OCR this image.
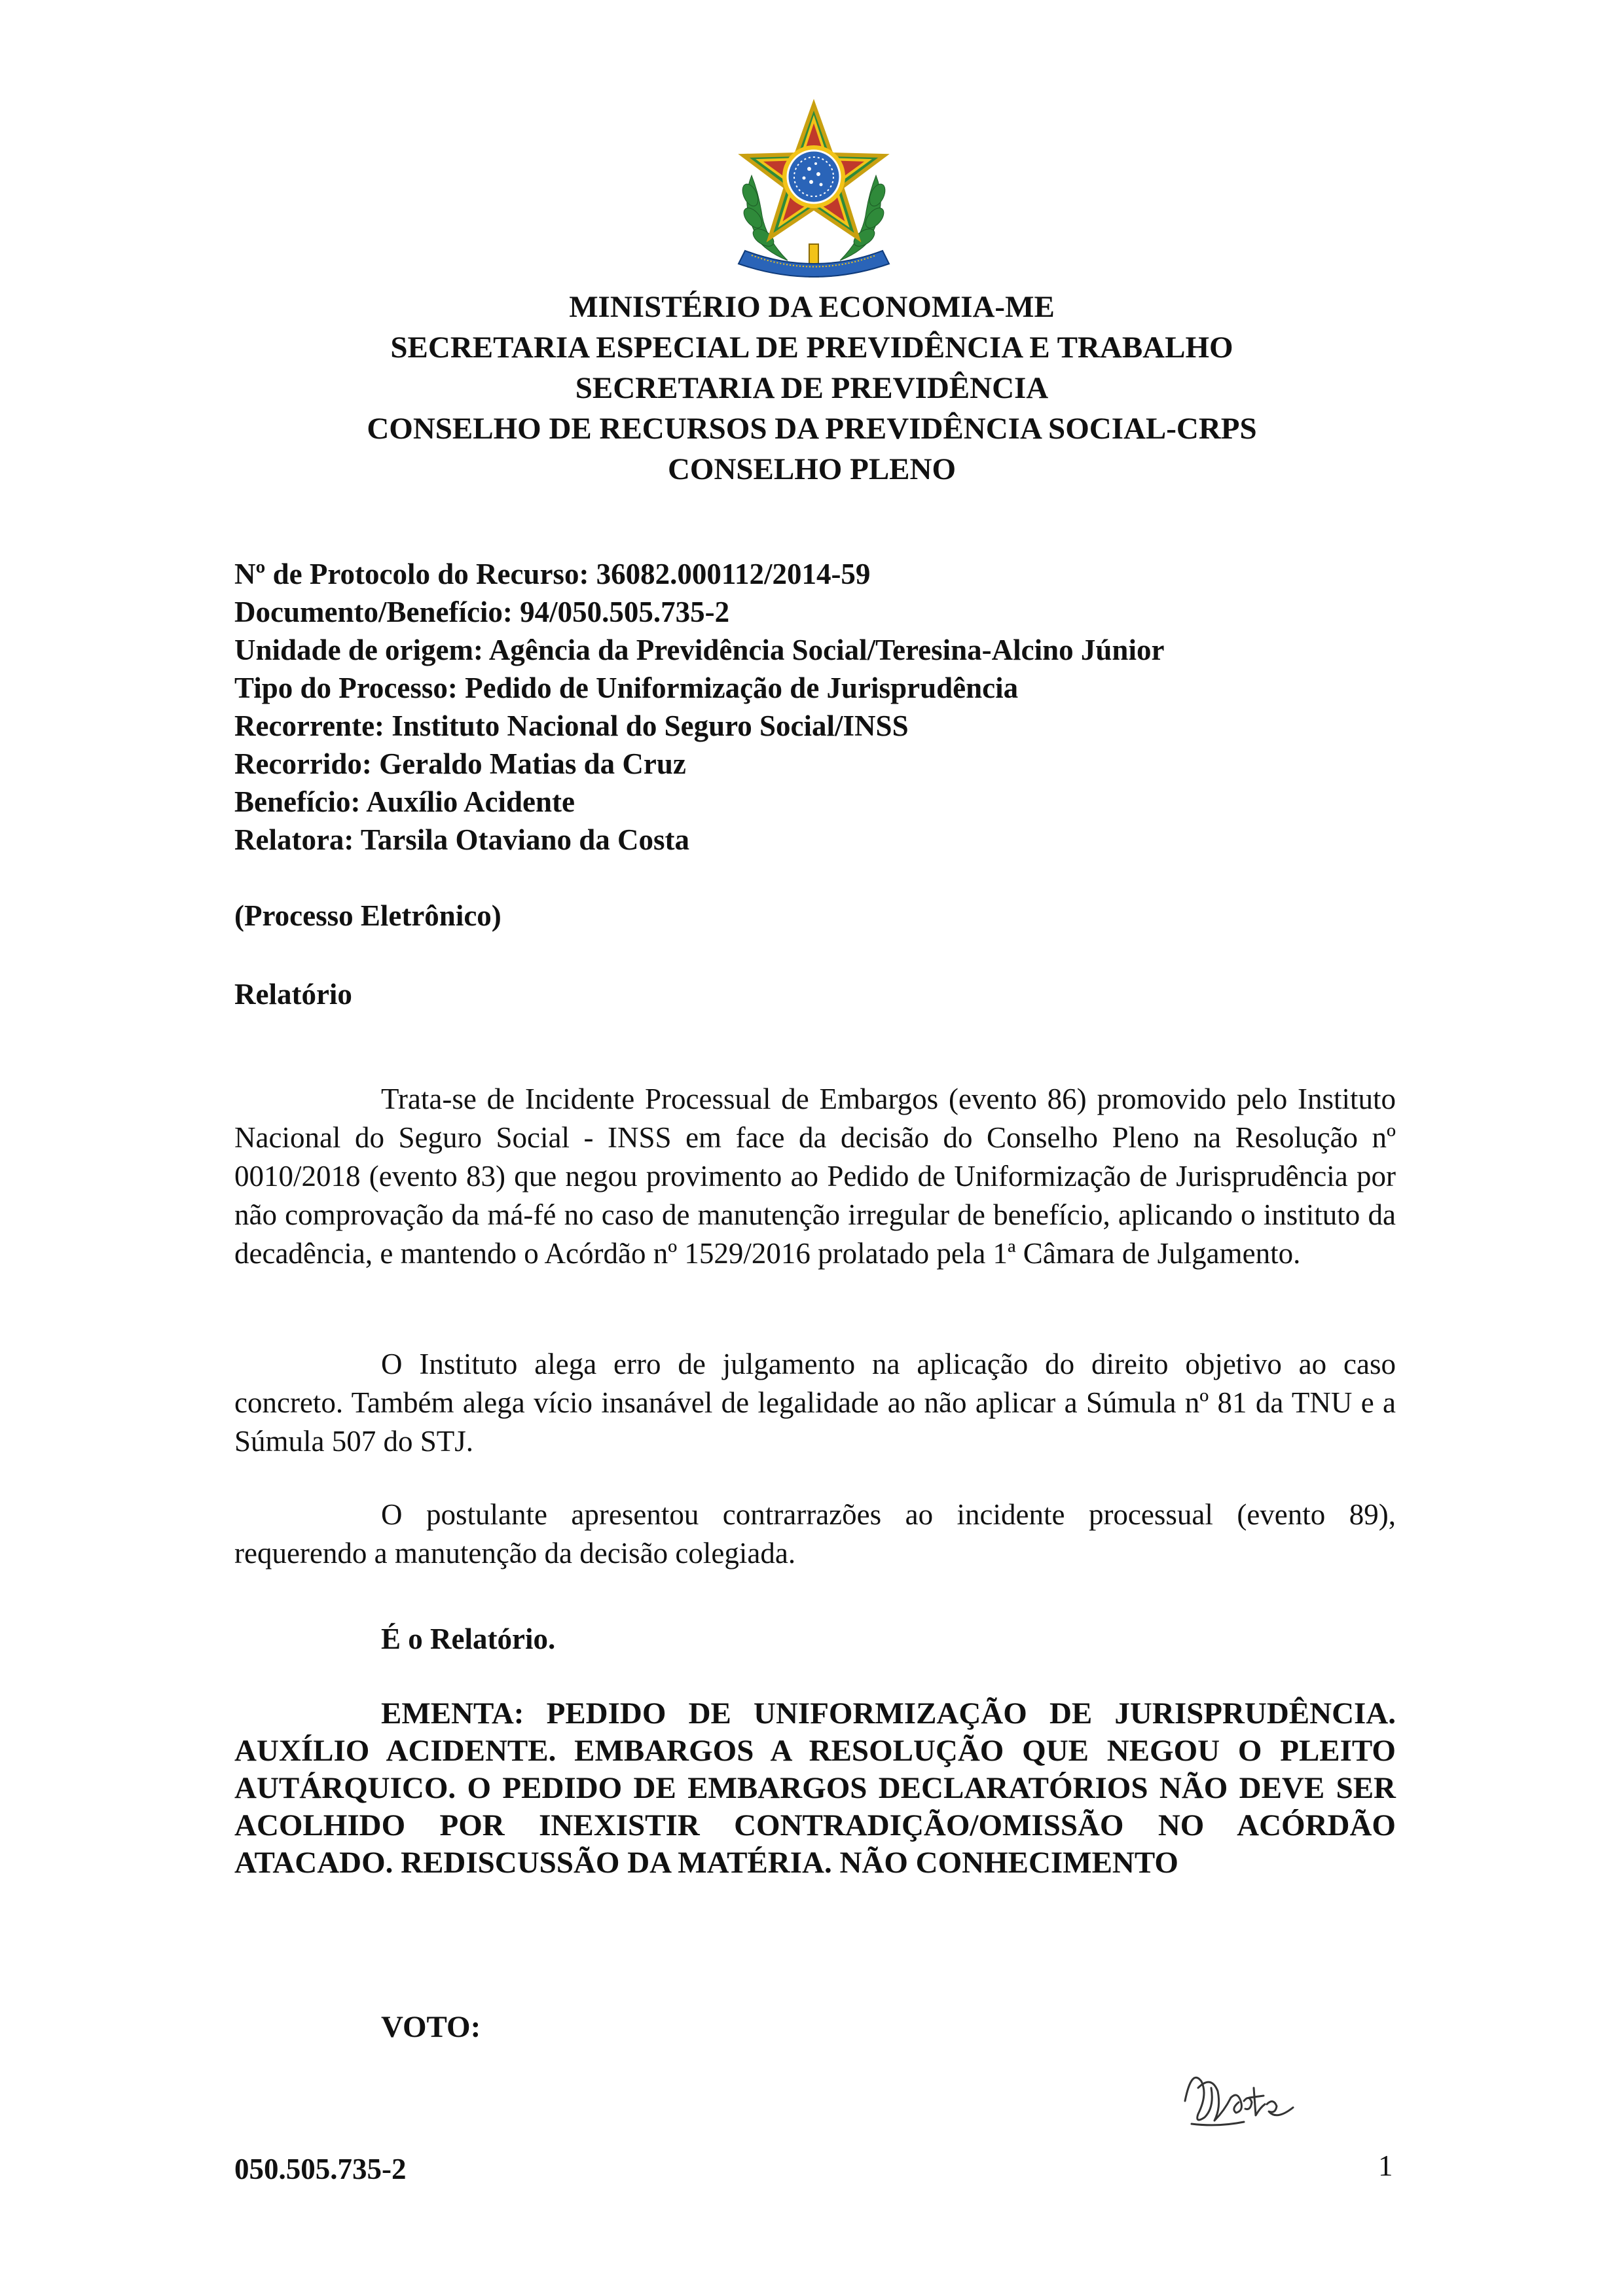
MINISTÉRIO DA ECONOMIA-ME
SECRETARIA ESPECIAL DE PREVIDÊNCIA E TRABALHO
SECRETARIA DE PREVIDÊNCIA
CONSELHO DE RECURSOS DA PREVIDÊNCIA SOCIAL-CRPS
CONSELHO PLENO
Nº de Protocolo do Recurso: 36082.000112/2014-59
Documento/Benefício: 94/050.505.735-2
Unidade de origem: Agência da Previdência Social/Teresina-Alcino Júnior
Tipo do Processo: Pedido de Uniformização de Jurisprudência
Recorrente: Instituto Nacional do Seguro Social/INSS
Recorrido: Geraldo Matias da Cruz
Benefício: Auxílio Acidente
Relatora: Tarsila Otaviano da Costa
(Processo Eletrônico)
Relatório

Trata-se de Incidente Processual de Embargos (evento 86) promovido pelo Instituto Nacional do Seguro Social - INSS em face da decisão do Conselho Pleno na Resolução nº 0010/2018 (evento 83) que negou provimento ao Pedido de Uniformização de Jurisprudência por não comprovação da má-fé no caso de manutenção irregular de benefício, aplicando o instituto da decadência, e mantendo o Acórdão nº 1529/2016 prolatado pela 1ª Câmara de Julgamento.

O Instituto alega erro de julgamento na aplicação do direito objetivo ao caso concreto. Também alega vício insanável de legalidade ao não aplicar a Súmula nº 81 da TNU e a Súmula 507 do STJ.

O postulante apresentou contrarrazões ao incidente processual (evento 89), requerendo a manutenção da decisão colegiada.

É o Relatório.
EMENTA: PEDIDO DE UNIFORMIZAÇÃO DE JURISPRUDÊNCIA. AUXÍLIO ACIDENTE. EMBARGOS A RESOLUÇÃO QUE NEGOU O PLEITO AUTÁRQUICO. O PEDIDO DE EMBARGOS DECLARATÓRIOS NÃO DEVE SER ACOLHIDO POR INEXISTIR CONTRADIÇÃO/OMISSÃO NO ACÓRDÃO ATACADO. REDISCUSSÃO DA MATÉRIA. NÃO CONHECIMENTO
VOTO:
050.505.735-2	1
